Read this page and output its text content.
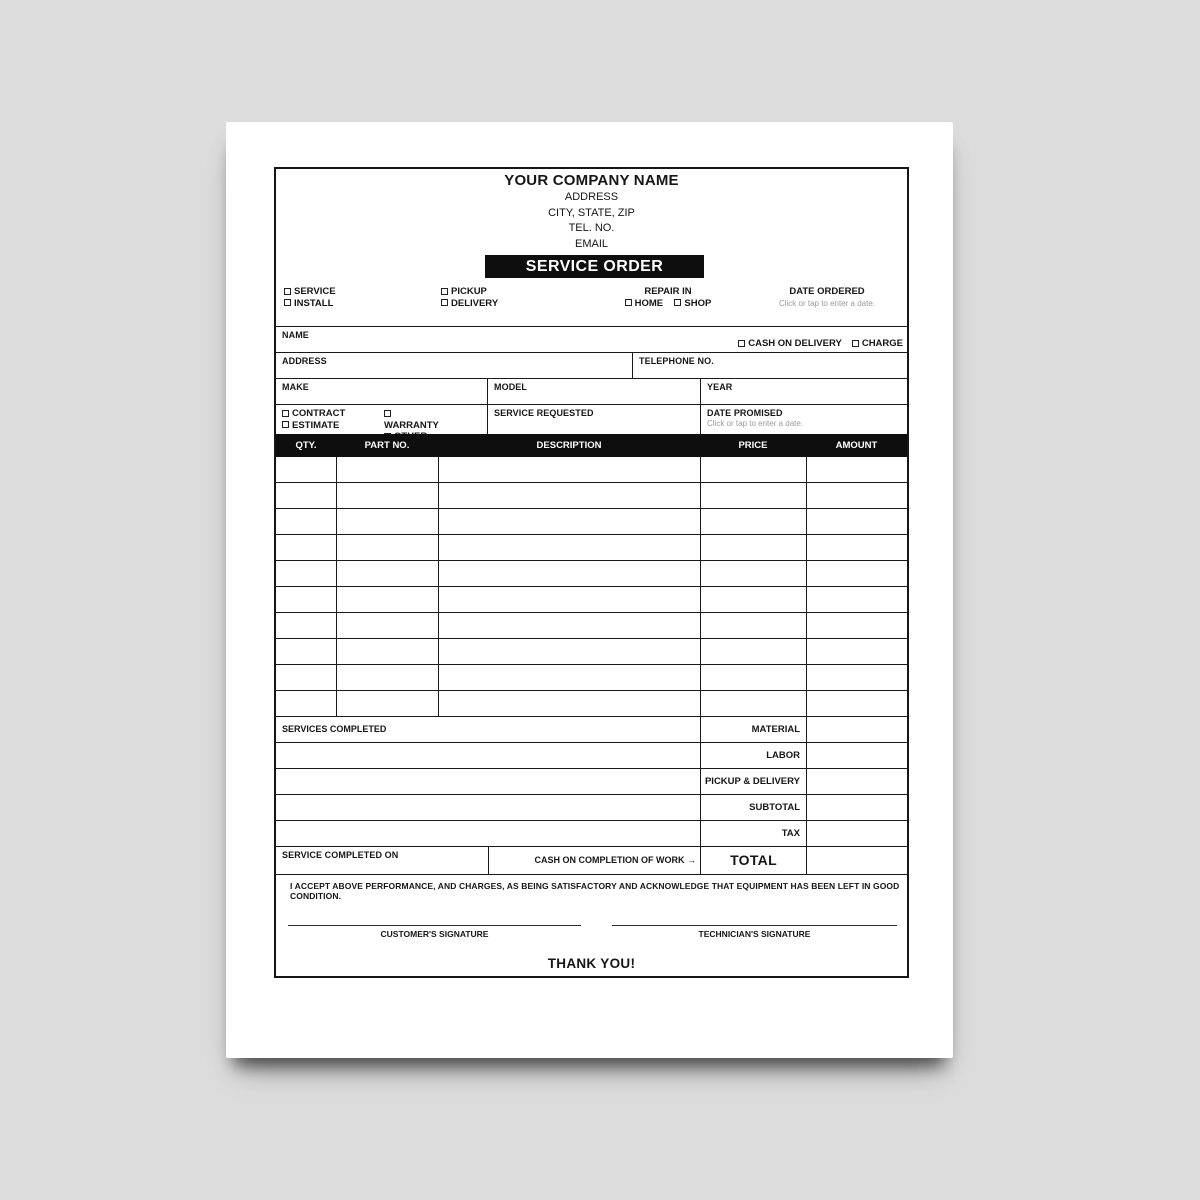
YOUR COMPANY NAME
ADDRESS
CITY, STATE, ZIP
TEL. NO.
EMAIL
SERVICE ORDER
SERVICE
INSTALL
PICKUP
DELIVERY
REPAIR IN
HOME SHOP
DATE ORDERED
Click or tap to enter a date.
NAME
CASH ON DELIVERY CHARGE
ADDRESS	TELEPHONE NO.
MAKE	MODEL	YEAR
CONTRACT
ESTIMATE	WARRANTY
SERVICE REQUESTED	DATE PROMISED
Click or tap to enter a date.
QTY.	PART NO.	DESCRIPTION	PRICE	AMOUNT
SERVICES COMPLETED	MATERIAL
LABOR
PICKUP & DELIVERY
SUBTOTAL
TAX
SERVICE COMPLETED ON	CASH ON COMPLETION OF WORK →	TOTAL
I ACCEPT ABOVE PERFORMANCE, AND CHARGES, AS BEING SATISFACTORY AND ACKNOWLEDGE THAT EQUIPMENT HAS BEEN LEFT IN GOOD CONDITION.
CUSTOMER'S SIGNATURE	TECHNICIAN'S SIGNATURE
THANK YOU!
